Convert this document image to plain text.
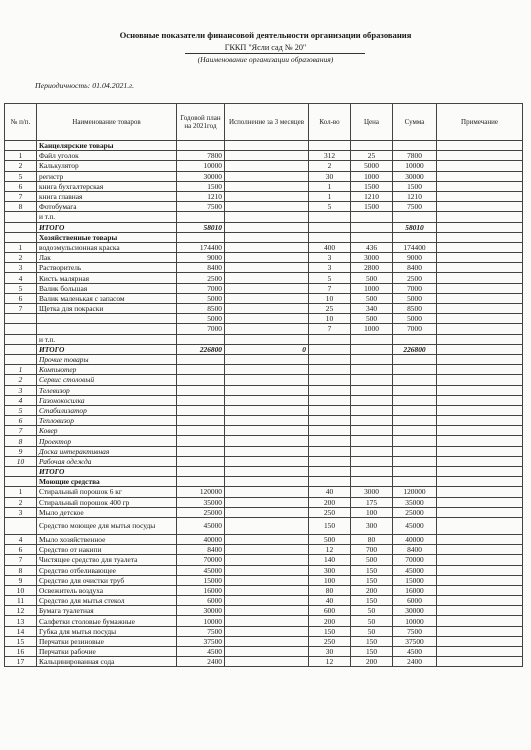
Основные показатели финансовой деятельности организации образования
ГККП "Ясли сад № 20"
(Наименование организации образования)
Периодичность: 01.04.2021.г.
№ п/п.	Наименование товаров	Годовой план на 2021год	Исполнение за 3 месяцев	Кол-во	Цена	Сумма	Примечание
	Канцелярские товары						
1	Файл уголок	7800		312	25	7800	
2	Калькулятор	10000		2	5000	10000	
5	регистр	30000		30	1000	30000	
6	книга бухгалтерская	1500		1	1500	1500	
7	книга главная	1210		1	1210	1210	
8	Фотобумага	7500		5	1500	7500	
	и т.п.						
	ИТОГО	58010				58010	
	Хозяйственные товары						
1	водоэмульсионная краска	174400		400	436	174400	
2	Лак	9000		3	3000	9000	
3	Растворитель	8400		3	2800	8400	
4	Кисть малярная	2500		5	500	2500	
5	Валик большая	7000		7	1000	7000	
6	Валик маленькая с запасом	5000		10	500	5000	
7	Щетка для покраски	8500		25	340	8500	
		5000		10	500	5000	
		7000		7	1000	7000	
	и т.п.						
	ИТОГО	226800	0			226800	
	Прочие товары						
1	Компьютер						
2	Сервис столовый						
3	Телевизор						
4	Газонокосилка						
5	Стабилизатор						
6	Тепловизор						
7	Ковер						
8	Проектор						
9	Доска интерактивная						
10	Рабочая одежда						
	ИТОГО						
	Моющие средства						
1	Стиральный порошок 6 кг	120000		40	3000	120000	
2	Стиральный порошок 400 гр	35000		200	175	35000	
3	Мыло детское	25000		250	100	25000	
	Средство моющее для мытья посуды	45000		150	300	45000	
4	Мыло хозяйственное	40000		500	80	40000	
6	Средство от накипи	8400		12	700	8400	
7	Чистящее средство для туалета	70000		140	500	70000	
8	Средство отбеливающее	45000		300	150	45000	
9	Средство для очистки труб	15000		100	150	15000	
10	Освежитель воздуха	16000		80	200	16000	
11	Средство для мытья стекол	6000		40	150	6000	
12	Бумага туалетная	30000		600	50	30000	
13	Салфетки столовые бумажные	10000		200	50	10000	
14	Губка для мытья посуды	7500		150	50	7500	
15	Перчатки резиновые	37500		250	150	37500	
16	Перчатки рабочие	4500		30	150	4500	
17	Кальцинированная сода	2400		12	200	2400	
